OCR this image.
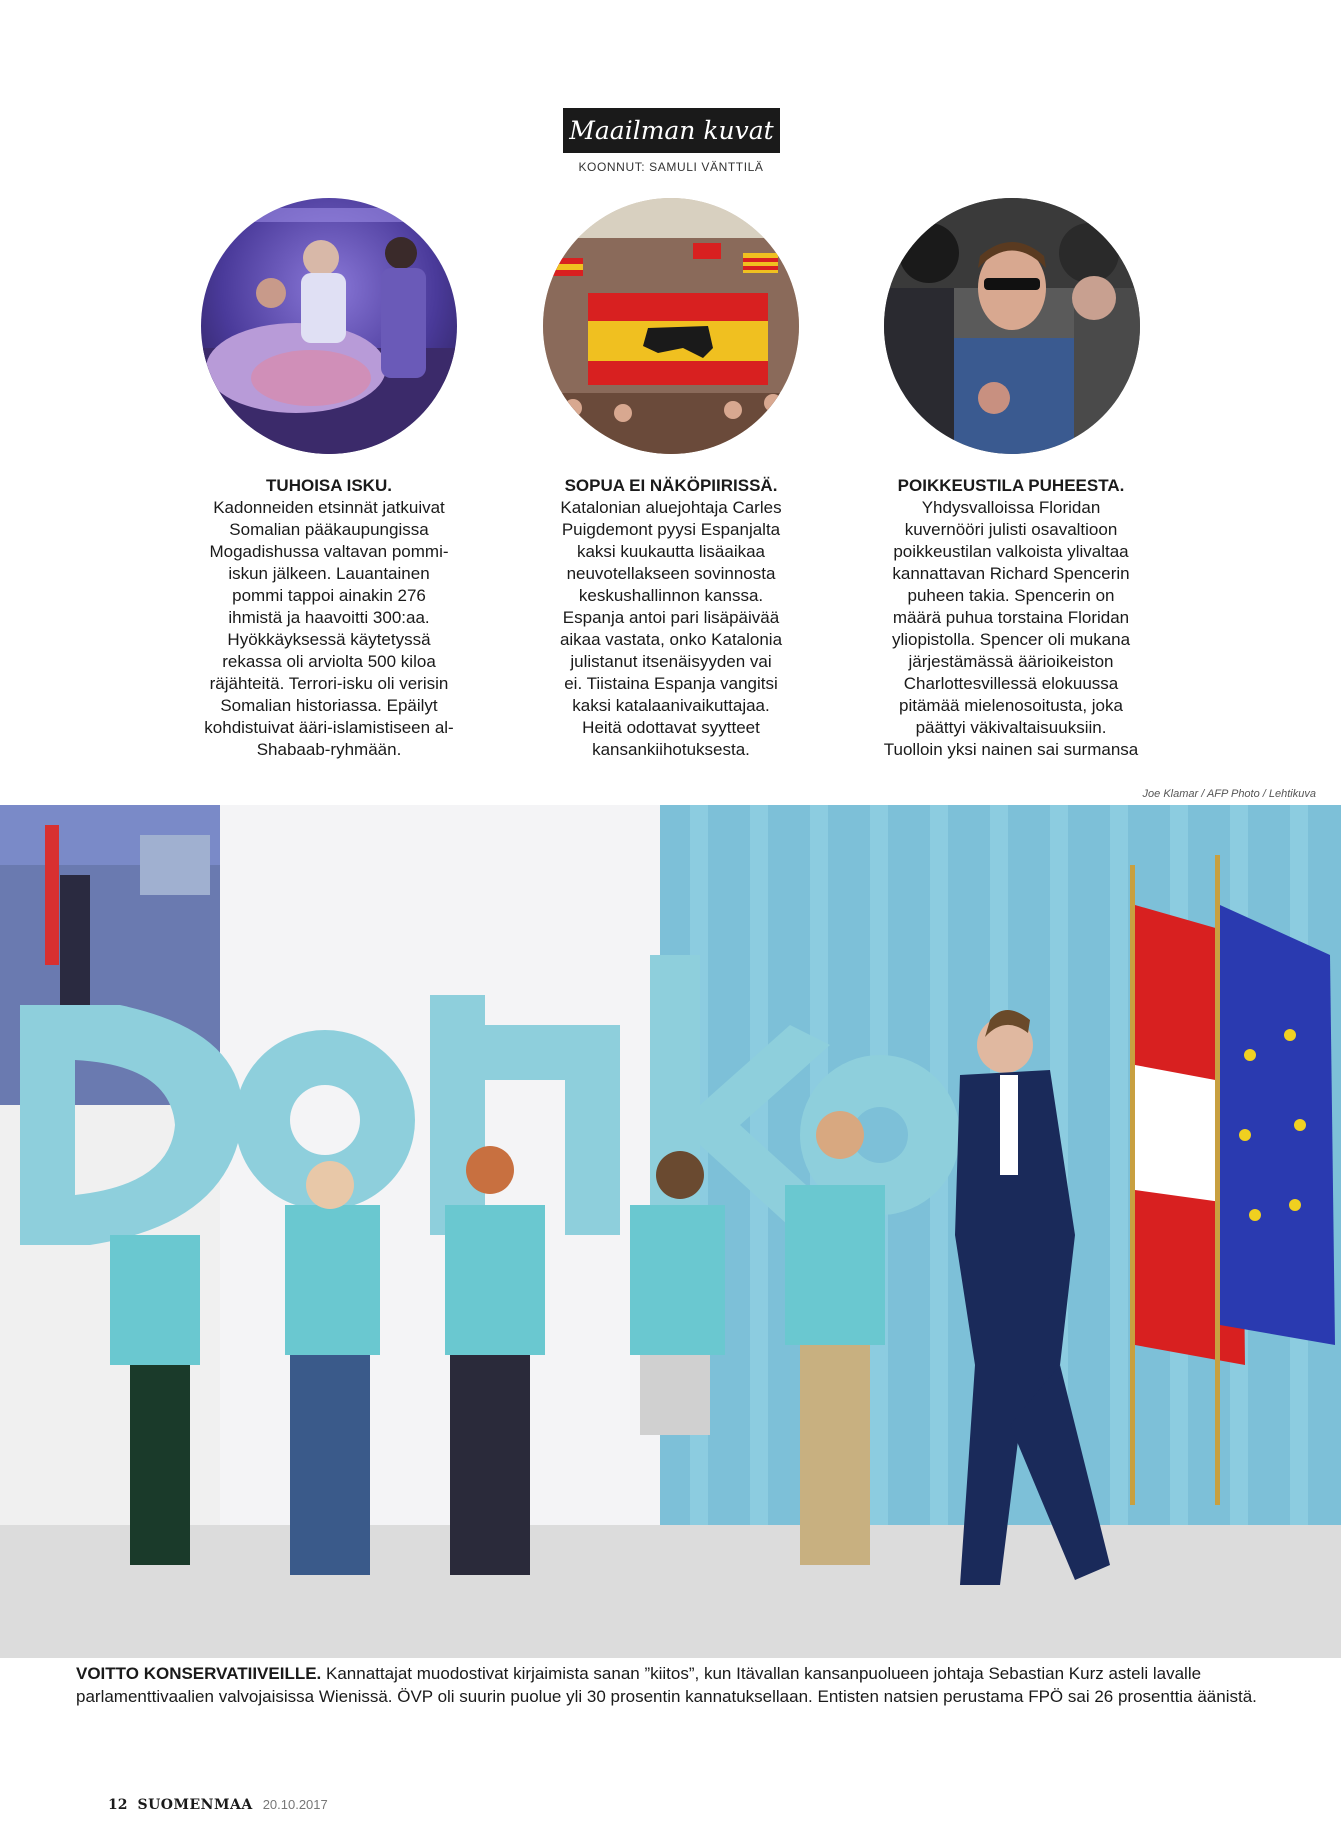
Maailman kuvat
KOONNUT: SAMULI VÄNTTILÄ
TUHOISA ISKU.
Kadonneiden etsinnät jatkuivat
Somalian pääkaupungissa
Mogadishussa valtavan pommi-
iskun jälkeen. Lauantainen
pommi tappoi ainakin 276
ihmistä ja haavoitti 300:aa.
Hyökkäyksessä käytetyssä
rekassa oli arviolta 500 kiloa
räjähteitä. Terrori-isku oli verisin
Somalian historiassa. Epäilyt
kohdistuivat ääri-islamistiseen al-
Shabaab-ryhmään.
SOPUA EI NÄKÖPIIRISSÄ.
Katalonian aluejohtaja Carles
Puigdemont pyysi Espanjalta
kaksi kuukautta lisäaikaa
neuvotellakseen sovinnosta
keskushallinnon kanssa.
Espanja antoi pari lisäpäivää
aikaa vastata, onko Katalonia
julistanut itsenäisyyden vai
ei. Tiistaina Espanja vangitsi
kaksi katalaanivaikuttajaa.
Heitä odottavat syytteet
kansankiihotuksesta.
POIKKEUSTILA PUHEESTA.
Yhdysvalloissa Floridan
kuvernööri julisti osavaltioon
poikkeustilan valkoista ylivaltaa
kannattavan Richard Spencerin
puheen takia. Spencerin on
määrä puhua torstaina Floridan
yliopistolla. Spencer oli mukana
järjestämässä äärioikeiston
Charlottesvillessä elokuussa
pitämää mielenosoitusta, joka
päättyi väkivaltaisuuksiin.
Tuolloin yksi nainen sai surmansa
Joe Klamar / AFP Photo / Lehtikuva
VOITTO KONSERVATIIVEILLE. Kannattajat muodostivat kirjaimista sanan ”kiitos”, kun Itävallan kansanpuolueen johtaja Sebastian Kurz asteli lavalle parlamenttivaalien valvojaisissa Wienissä. ÖVP oli suurin puolue yli 30 prosentin kannatuksellaan. Entisten natsien perustama FPÖ sai 26 prosenttia äänistä.
12 SUOMENMAA 20.10.2017
